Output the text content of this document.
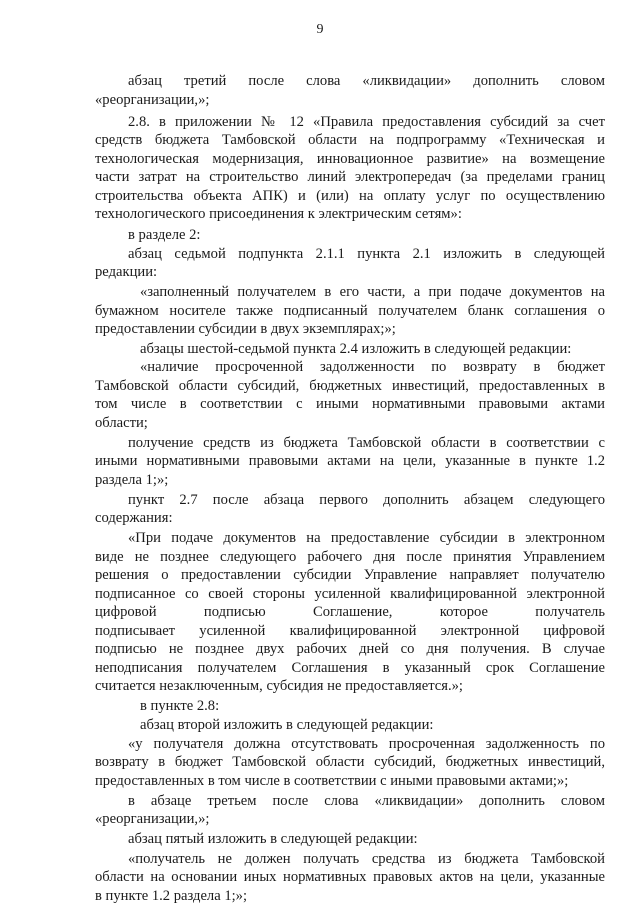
9
абзац третий после слова «ликвидации» дополнить словом
«реорганизации,»;
2.8. в приложении № 12 «Правила предоставления субсидий за счет
средств бюджета Тамбовской области на подпрограмму «Техническая и
технологическая модернизация, инновационное развитие» на возмещение
части затрат на строительство линий электропередач (за пределами границ
строительства объекта АПК) и (или) на оплату услуг по осуществлению
технологического присоединения к электрическим сетям»:
в разделе 2:
абзац седьмой подпункта 2.1.1 пункта 2.1 изложить в следующей
редакции:
«заполненный получателем в его части, а при подаче документов на
бумажном носителе также подписанный получателем бланк соглашения о
предоставлении субсидии в двух экземплярах;»;
абзацы шестой-седьмой пункта 2.4 изложить в следующей редакции:
«наличие просроченной задолженности по возврату в бюджет
Тамбовской области субсидий, бюджетных инвестиций, предоставленных в
том числе в соответствии с иными нормативными правовыми актами
области;
получение средств из бюджета Тамбовской области в соответствии с
иными нормативными правовыми актами на цели, указанные в пункте 1.2
раздела 1;»;
пункт 2.7 после абзаца первого дополнить абзацем следующего
содержания:
«При подаче документов на предоставление субсидии в электронном
виде не позднее следующего рабочего дня после принятия Управлением
решения о предоставлении субсидии Управление направляет получателю
подписанное со своей стороны усиленной квалифицированной электронной
цифровой подписью Соглашение, которое получатель
подписывает усиленной квалифицированной электронной цифровой
подписью не позднее двух рабочих дней со дня получения. В случае
неподписания получателем Соглашения в указанный срок Соглашение
считается незаключенным, субсидия не предоставляется.»;
в пункте 2.8:
абзац второй изложить в следующей редакции:
«у получателя должна отсутствовать просроченная задолженность по
возврату в бюджет Тамбовской области субсидий, бюджетных инвестиций,
предоставленных в том числе в соответствии с иными правовыми актами;»;
в абзаце третьем после слова «ликвидации» дополнить словом
«реорганизации,»;
абзац пятый изложить в следующей редакции:
«получатель не должен получать средства из бюджета Тамбовской
области на основании иных нормативных правовых актов на цели, указанные
в пункте 1.2 раздела 1;»;
